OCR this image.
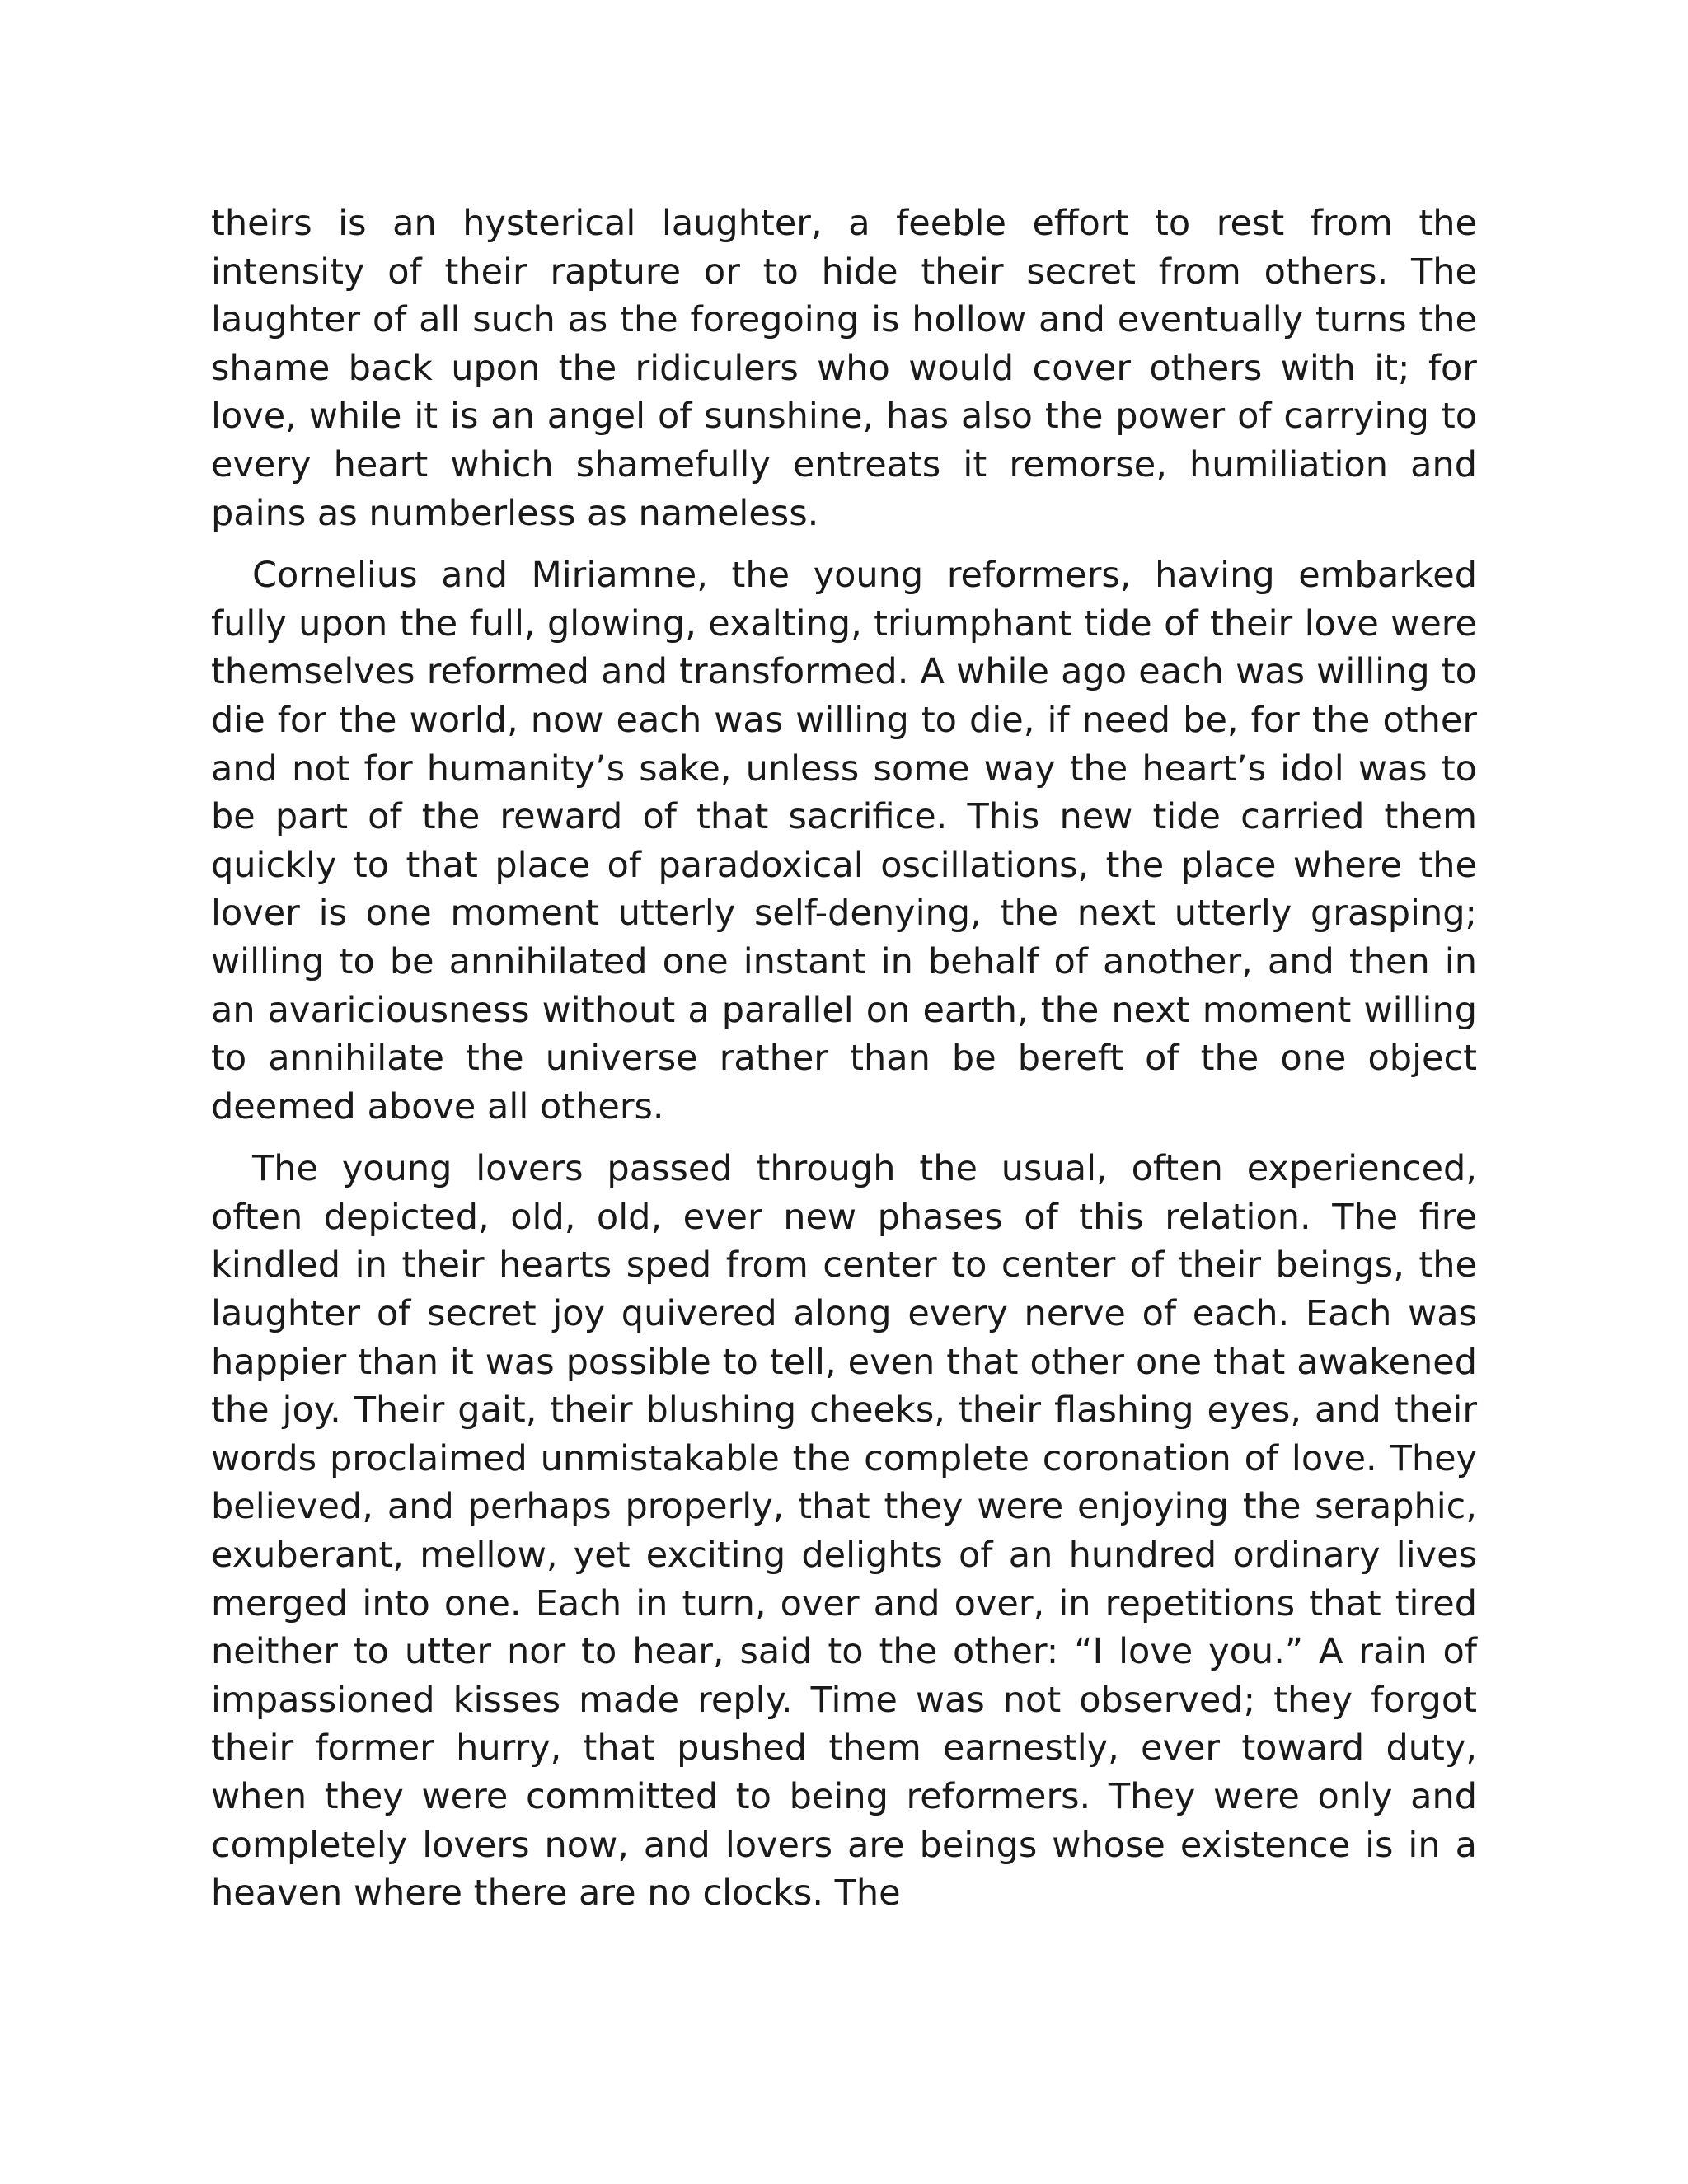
theirs is an hysterical laughter, a feeble effort to rest from the intensity of their rapture or to hide their secret from others. The laughter of all such as the foregoing is hollow and eventually turns the shame back upon the ridiculers who would cover others with it; for love, while it is an angel of sunshine, has also the power of carrying to every heart which shamefully entreats it remorse, humiliation and pains as numberless as nameless.

Cornelius and Miriamne, the young reformers, having embarked fully upon the full, glowing, exalting, triumphant tide of their love were themselves reformed and transformed. A while ago each was willing to die for the world, now each was willing to die, if need be, for the other and not for humanity’s sake, unless some way the heart’s idol was to be part of the reward of that sacrifice. This new tide carried them quickly to that place of paradoxical oscillations, the place where the lover is one moment utterly self-denying, the next utterly grasping; willing to be annihilated one instant in behalf of another, and then in an avariciousness without a parallel on earth, the next moment willing to annihilate the universe rather than be bereft of the one object deemed above all others.

The young lovers passed through the usual, often experienced, often depicted, old, old, ever new phases of this relation. The fire kindled in their hearts sped from center to center of their beings, the laughter of secret joy quivered along every nerve of each. Each was happier than it was possible to tell, even that other one that awakened the joy. Their gait, their blushing cheeks, their flashing eyes, and their words proclaimed unmistakable the complete coronation of love. They believed, and perhaps properly, that they were enjoying the seraphic, exuberant, mellow, yet exciting delights of an hundred ordinary lives merged into one. Each in turn, over and over, in repetitions that tired neither to utter nor to hear, said to the other: “I love you.” A rain of impassioned kisses made reply. Time was not observed; they forgot their former hurry, that pushed them earnestly, ever toward duty, when they were committed to being reformers. They were only and completely lovers now, and lovers are beings whose existence is in a heaven where there are no clocks. The
